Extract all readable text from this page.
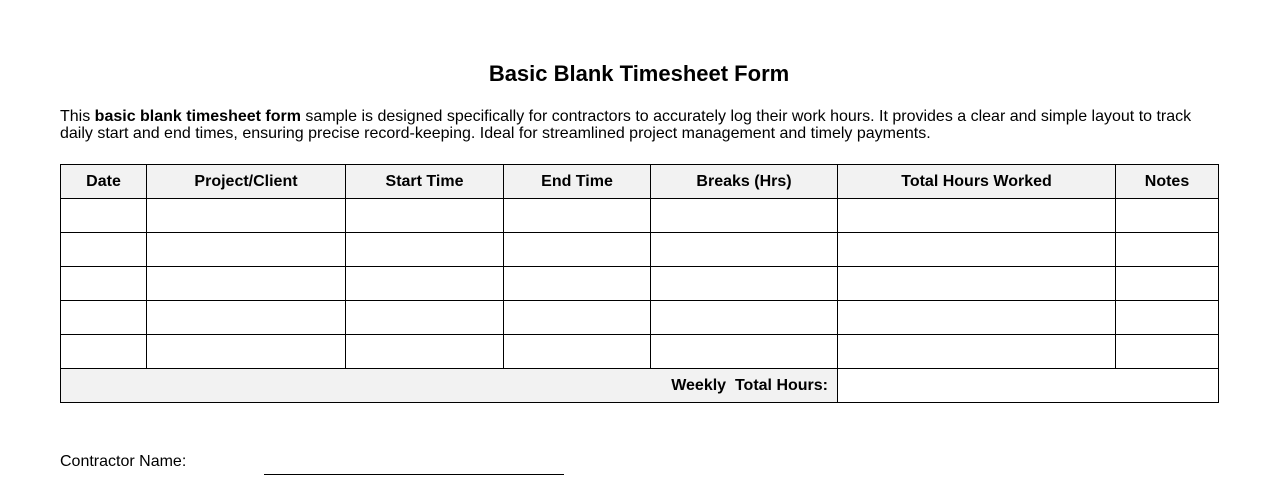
Basic Blank Timesheet Form

This basic blank timesheet form sample is designed specifically for contractors to accurately log their work hours. It provides a clear and simple layout to track daily start and end times, ensuring precise record-keeping. Ideal for streamlined project management and timely payments.

Date	Project/Client	Start Time	End Time	Breaks (Hrs)	Total Hours Worked	Notes

Weekly  Total Hours:						
Contractor Name:
